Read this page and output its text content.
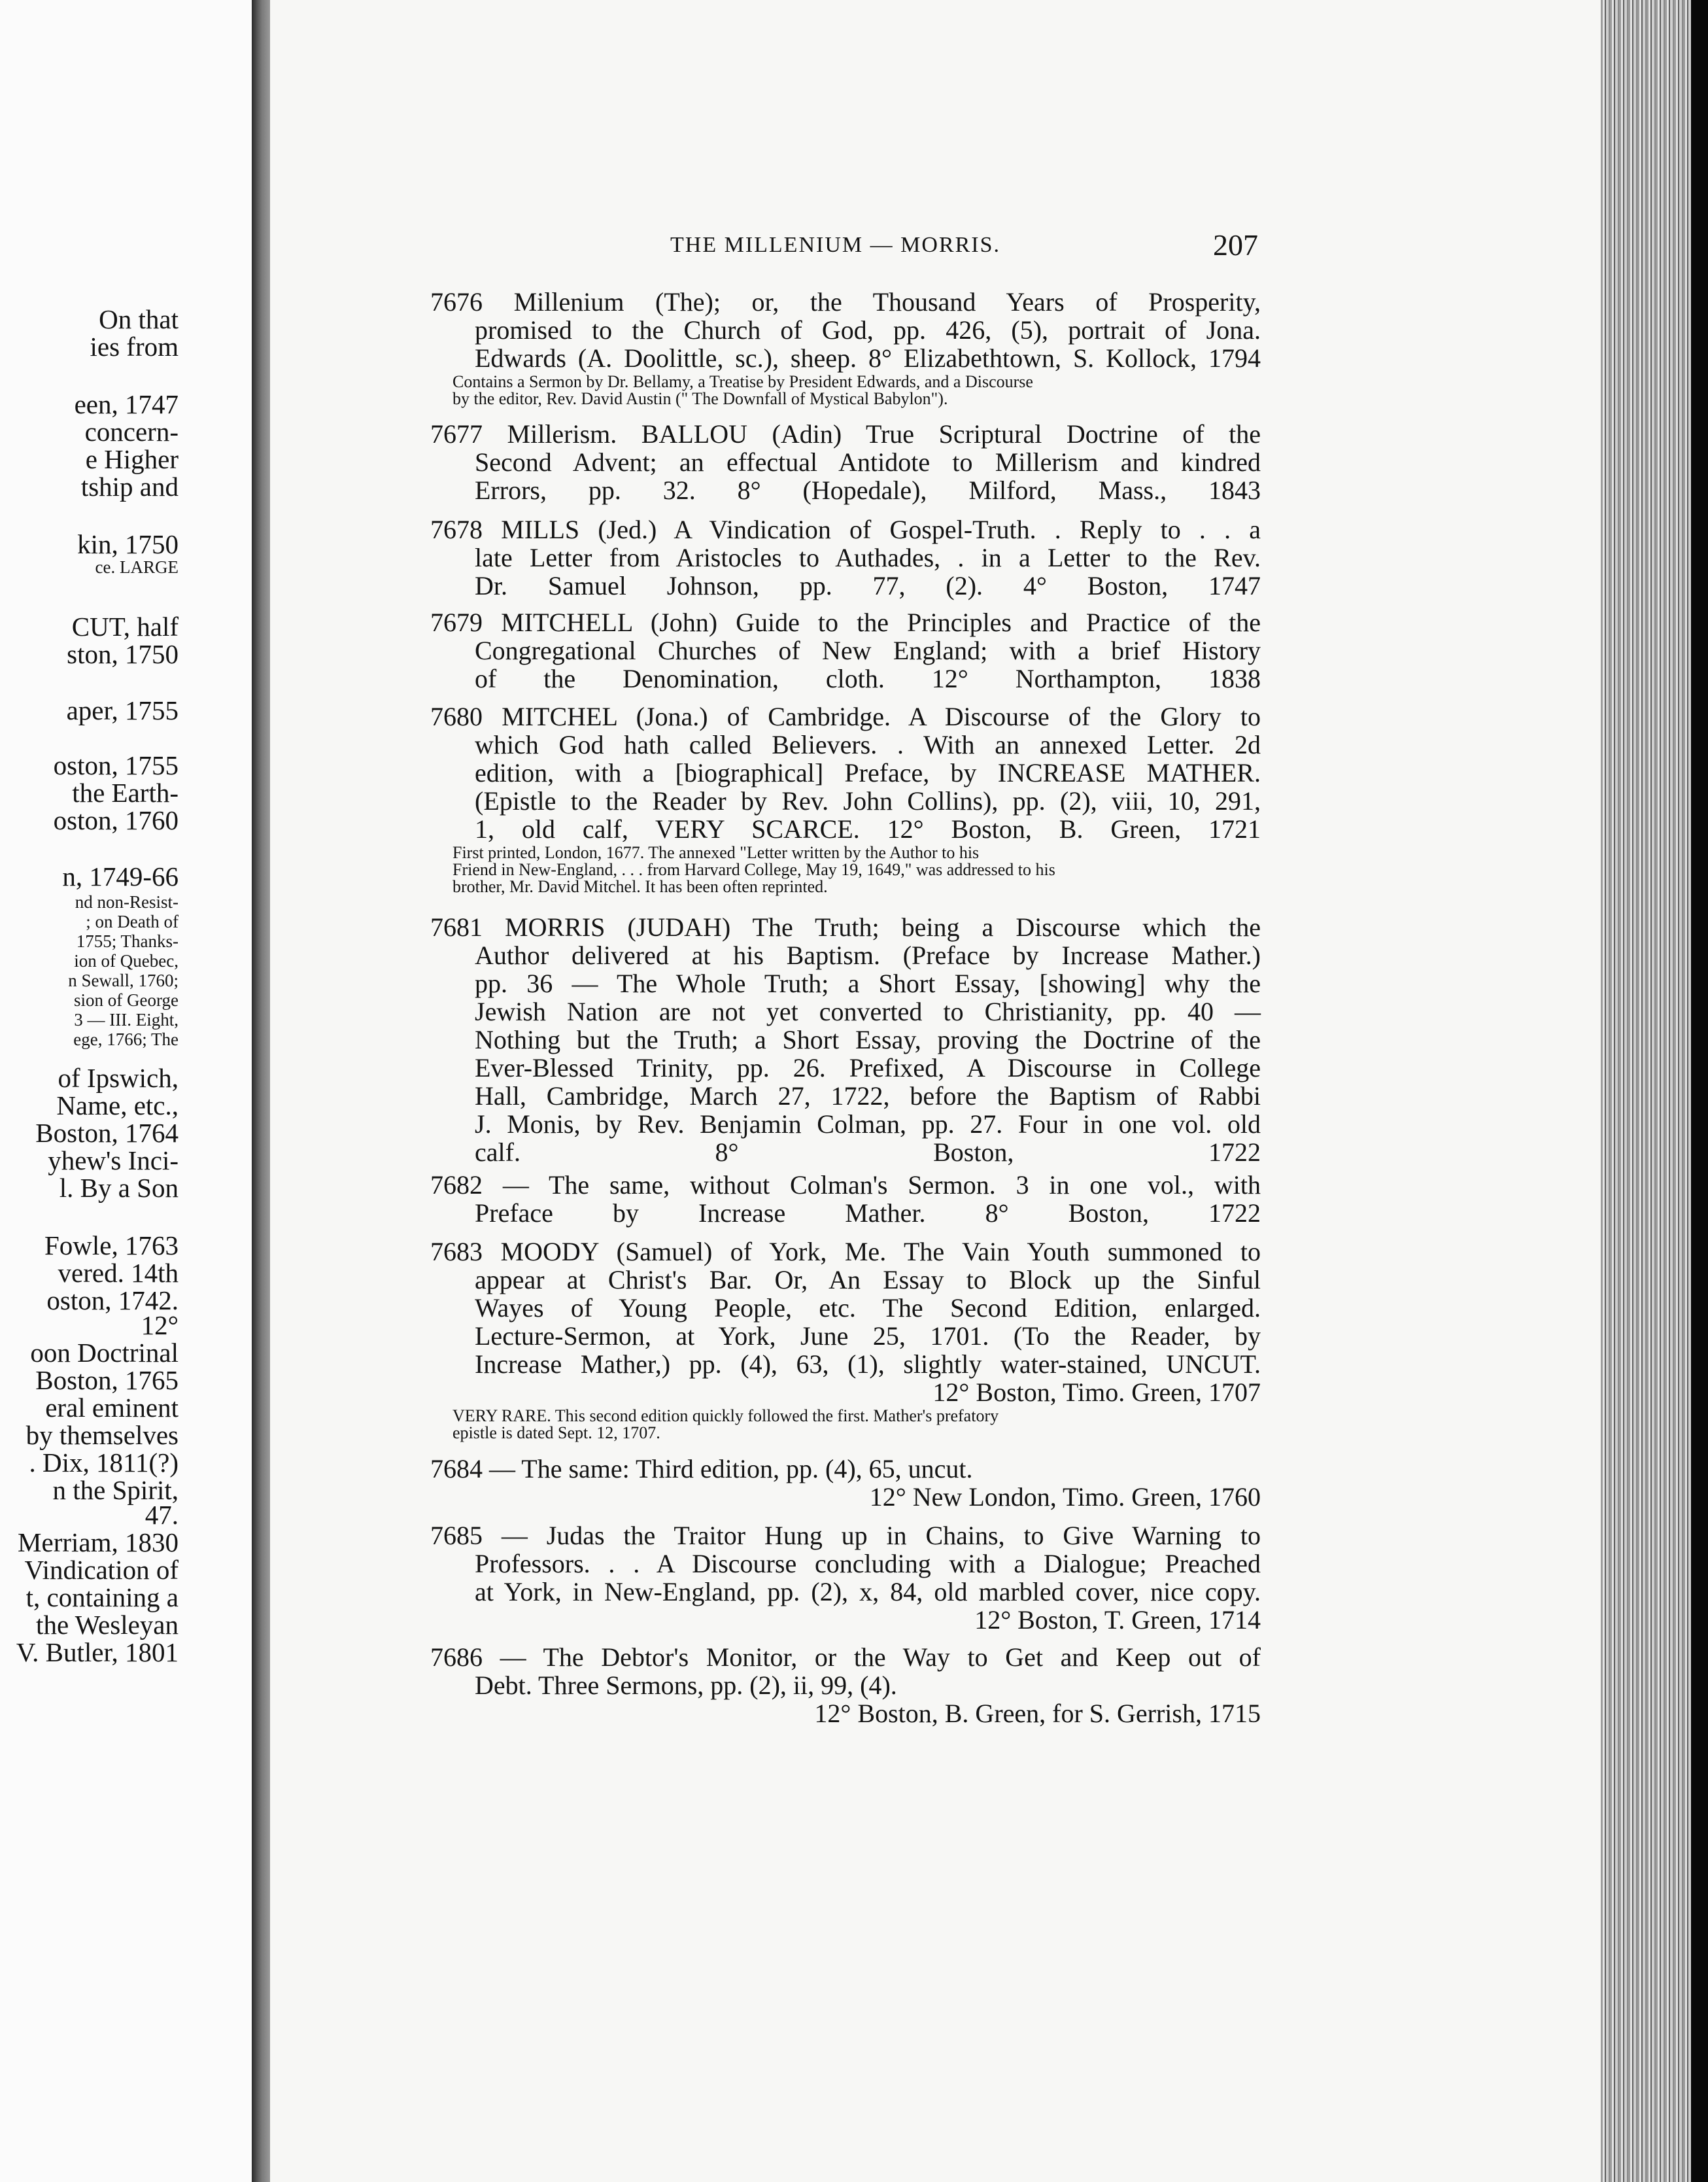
On that
ies from
een, 1747
concern-
e Higher
tship and
kin, 1750
ce. LARGE
CUT, half
ston, 1750
aper, 1755
oston, 1755
the Earth-
oston, 1760
n, 1749-66
nd non-Resist-
; on Death of
1755; Thanks-
ion of Quebec,
n Sewall, 1760;
sion of George
3 — III. Eight,
ege, 1766; The
of Ipswich,
Name, etc.,
Boston, 1764
yhew's Inci-
l. By a Son
Fowle, 1763
vered. 14th
oston, 1742.
12°
oon Doctrinal
Boston, 1765
eral eminent
by themselves
. Dix, 1811(?)
n the Spirit,
47.
Merriam, 1830
Vindication of
t, containing a
the Wesleyan
V. Butler, 1801
THE MILLENIUM — MORRIS.	207
7676 Millenium (The); or, the Thousand Years of Prosperity,
promised to the Church of God, pp. 426, (5), portrait of Jona.
Edwards (A. Doolittle, sc.), sheep. 8° Elizabethtown, S. Kollock, 1794
Contains a Sermon by Dr. Bellamy, a Treatise by President Edwards, and a Discourse
by the editor, Rev. David Austin (" The Downfall of Mystical Babylon").
7677 Millerism. BALLOU (Adin) True Scriptural Doctrine of the
Second Advent; an effectual Antidote to Millerism and kindred
Errors, pp. 32. 8° (Hopedale), Milford, Mass., 1843
7678 MILLS (Jed.) A Vindication of Gospel-Truth. . Reply to . . a
late Letter from Aristocles to Authades, . in a Letter to the Rev.
Dr. Samuel Johnson, pp. 77, (2). 4° Boston, 1747
7679 MITCHELL (John) Guide to the Principles and Practice of the
Congregational Churches of New England; with a brief History
of the Denomination, cloth. 12° Northampton, 1838
7680 MITCHEL (Jona.) of Cambridge. A Discourse of the Glory to
which God hath called Believers. . With an annexed Letter. 2d
edition, with a [biographical] Preface, by INCREASE MATHER.
(Epistle to the Reader by Rev. John Collins), pp. (2), viii, 10, 291,
1, old calf, VERY SCARCE. 12° Boston, B. Green, 1721
First printed, London, 1677. The annexed "Letter written by the Author to his
Friend in New-England, . . . from Harvard College, May 19, 1649," was addressed to his
brother, Mr. David Mitchel. It has been often reprinted.
7681 MORRIS (JUDAH) The Truth; being a Discourse which the
Author delivered at his Baptism. (Preface by Increase Mather.)
pp. 36 — The Whole Truth; a Short Essay, [showing] why the
Jewish Nation are not yet converted to Christianity, pp. 40 —
Nothing but the Truth; a Short Essay, proving the Doctrine of the
Ever-Blessed Trinity, pp. 26. Prefixed, A Discourse in College
Hall, Cambridge, March 27, 1722, before the Baptism of Rabbi
J. Monis, by Rev. Benjamin Colman, pp. 27. Four in one vol. old
calf. 8° Boston, 1722
7682 — The same, without Colman's Sermon. 3 in one vol., with
Preface by Increase Mather. 8° Boston, 1722
7683 MOODY (Samuel) of York, Me. The Vain Youth summoned to
appear at Christ's Bar. Or, An Essay to Block up the Sinful
Wayes of Young People, etc. The Second Edition, enlarged.
Lecture-Sermon, at York, June 25, 1701. (To the Reader, by
Increase Mather,) pp. (4), 63, (1), slightly water-stained, UNCUT.
12° Boston, Timo. Green, 1707
VERY RARE. This second edition quickly followed the first. Mather's prefatory
epistle is dated Sept. 12, 1707.
7684 — The same: Third edition, pp. (4), 65, uncut.
12° New London, Timo. Green, 1760
7685 — Judas the Traitor Hung up in Chains, to Give Warning to
Professors. . . A Discourse concluding with a Dialogue; Preached
at York, in New-England, pp. (2), x, 84, old marbled cover, nice copy.
12° Boston, T. Green, 1714
7686 — The Debtor's Monitor, or the Way to Get and Keep out of
Debt. Three Sermons, pp. (2), ii, 99, (4).
12° Boston, B. Green, for S. Gerrish, 1715
